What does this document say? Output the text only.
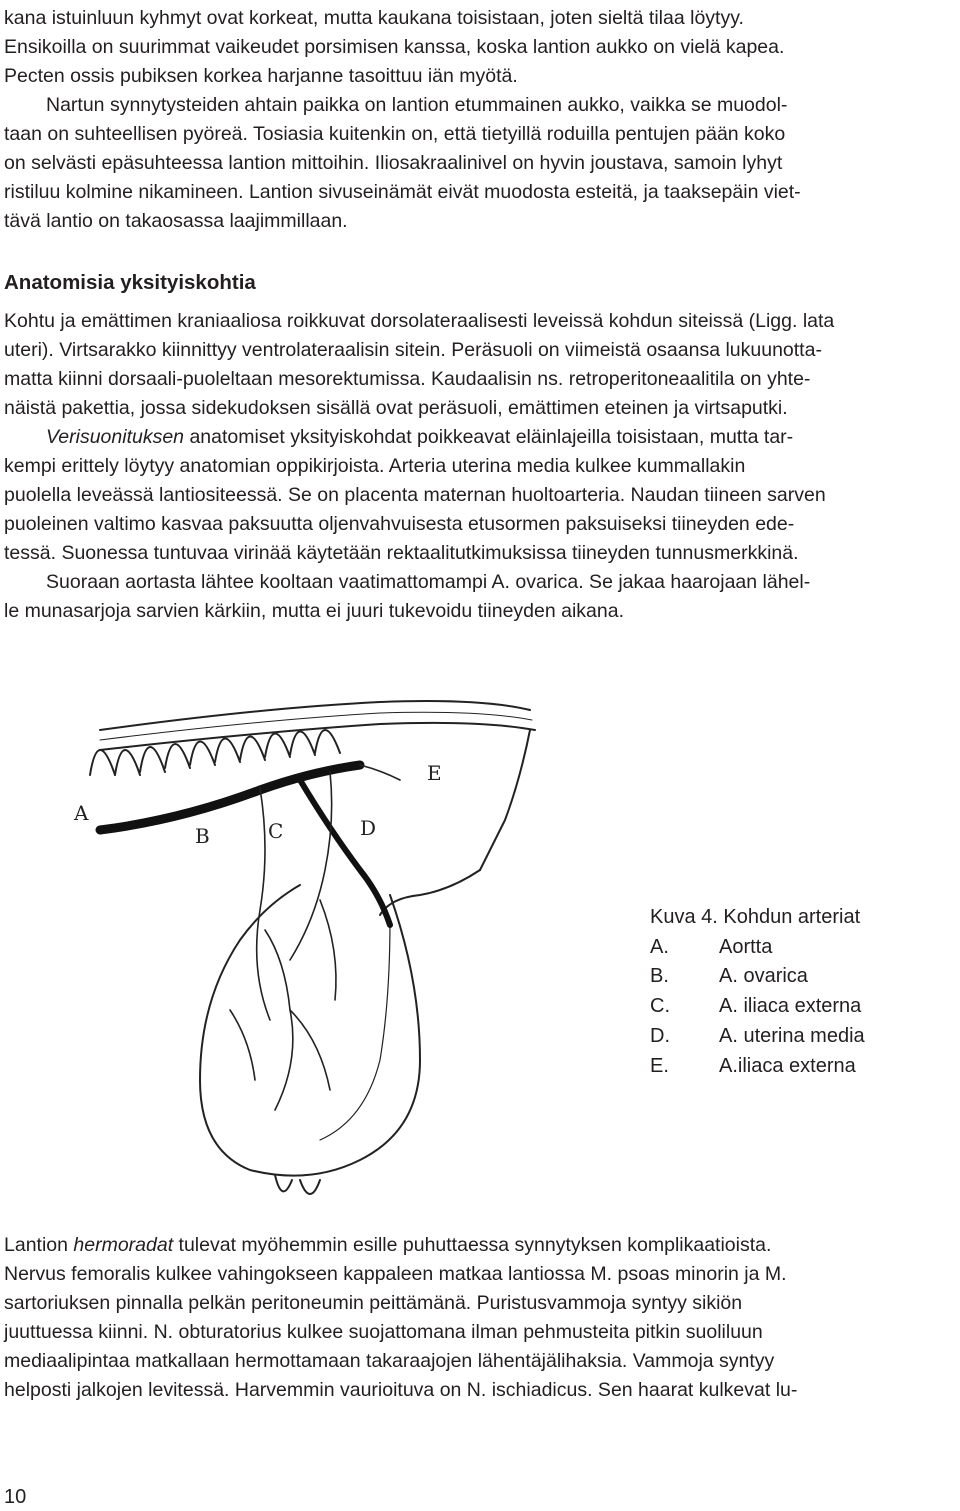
kana istuinluun kyhmyt ovat korkeat, mutta kaukana toisistaan, joten sieltä tilaa löytyy.
Ensikoilla on suurimmat vaikeudet porsimisen kanssa, koska lantion aukko on vielä kapea.
Pecten ossis pubiksen korkea harjanne tasoittuu iän myötä.
Nartun synnytysteiden ahtain paikka on lantion etummainen aukko, vaikka se muodol-
taan on suhteellisen pyöreä. Tosiasia kuitenkin on, että tietyillä roduilla pentujen pään koko
on selvästi epäsuhteessa lantion mittoihin. Iliosakraalinivel on hyvin joustava, samoin lyhyt
ristiluu kolmine nikamineen. Lantion sivuseinämät eivät muodosta esteitä, ja taaksepäin viet-
tävä lantio on takaosassa laajimmillaan.
Anatomisia yksityiskohtia
Kohtu ja emättimen kraniaaliosa roikkuvat dorsolateraalisesti leveissä kohdun siteissä (Ligg. lata
uteri). Virtsarakko kiinnittyy ventrolateraalisin sitein. Peräsuoli on viimeistä osaansa lukuunotta-
matta kiinni dorsaali-puoleltaan mesorektumissa. Kaudaalisin ns. retroperitoneaalitila on yhte-
näistä pakettia, jossa sidekudoksen sisällä ovat peräsuoli, emättimen eteinen ja virtsaputki.
Verisuonituksen anatomiset yksityiskohdat poikkeavat eläinlajeilla toisistaan, mutta tar-
kempi erittely löytyy anatomian oppikirjoista. Arteria uterina media kulkee kummallakin
puolella leveässä lantiositeessä. Se on placenta maternan huoltoarteria. Naudan tiineen sarven
puoleinen valtimo kasvaa paksuutta oljenvahvuisesta etusormen paksuiseksi tiineyden ede-
tessä. Suonessa tuntuvaa virinää käytetään rektaalitutkimuksissa tiineyden tunnusmerkkinä.
Suoraan aortasta lähtee kooltaan vaatimattomampi A. ovarica. Se jakaa haarojaan lähel-
le munasarjoja sarvien kärkiin, mutta ei juuri tukevoidu tiineyden aikana.
A
B	C	D
E
Kuva 4. Kohdun arteriat
A.	Aortta
B.	A. ovarica
C.	A. iliaca externa
D.	A. uterina media
E.	A.iliaca externa
Lantion hermoradat tulevat myöhemmin esille puhuttaessa synnytyksen komplikaatioista.
Nervus femoralis kulkee vahingokseen kappaleen matkaa lantiossa M. psoas minorin ja M.
sartoriuksen pinnalla pelkän peritoneumin peittämänä. Puristusvammoja syntyy sikiön
juuttuessa kiinni. N. obturatorius kulkee suojattomana ilman pehmusteita pitkin suoliluun
mediaalipintaa matkallaan hermottamaan takaraajojen lähentäjälihaksia. Vammoja syntyy
helposti jalkojen levitessä. Harvemmin vaurioituva on N. ischiadicus. Sen haarat kulkevat lu-
10
